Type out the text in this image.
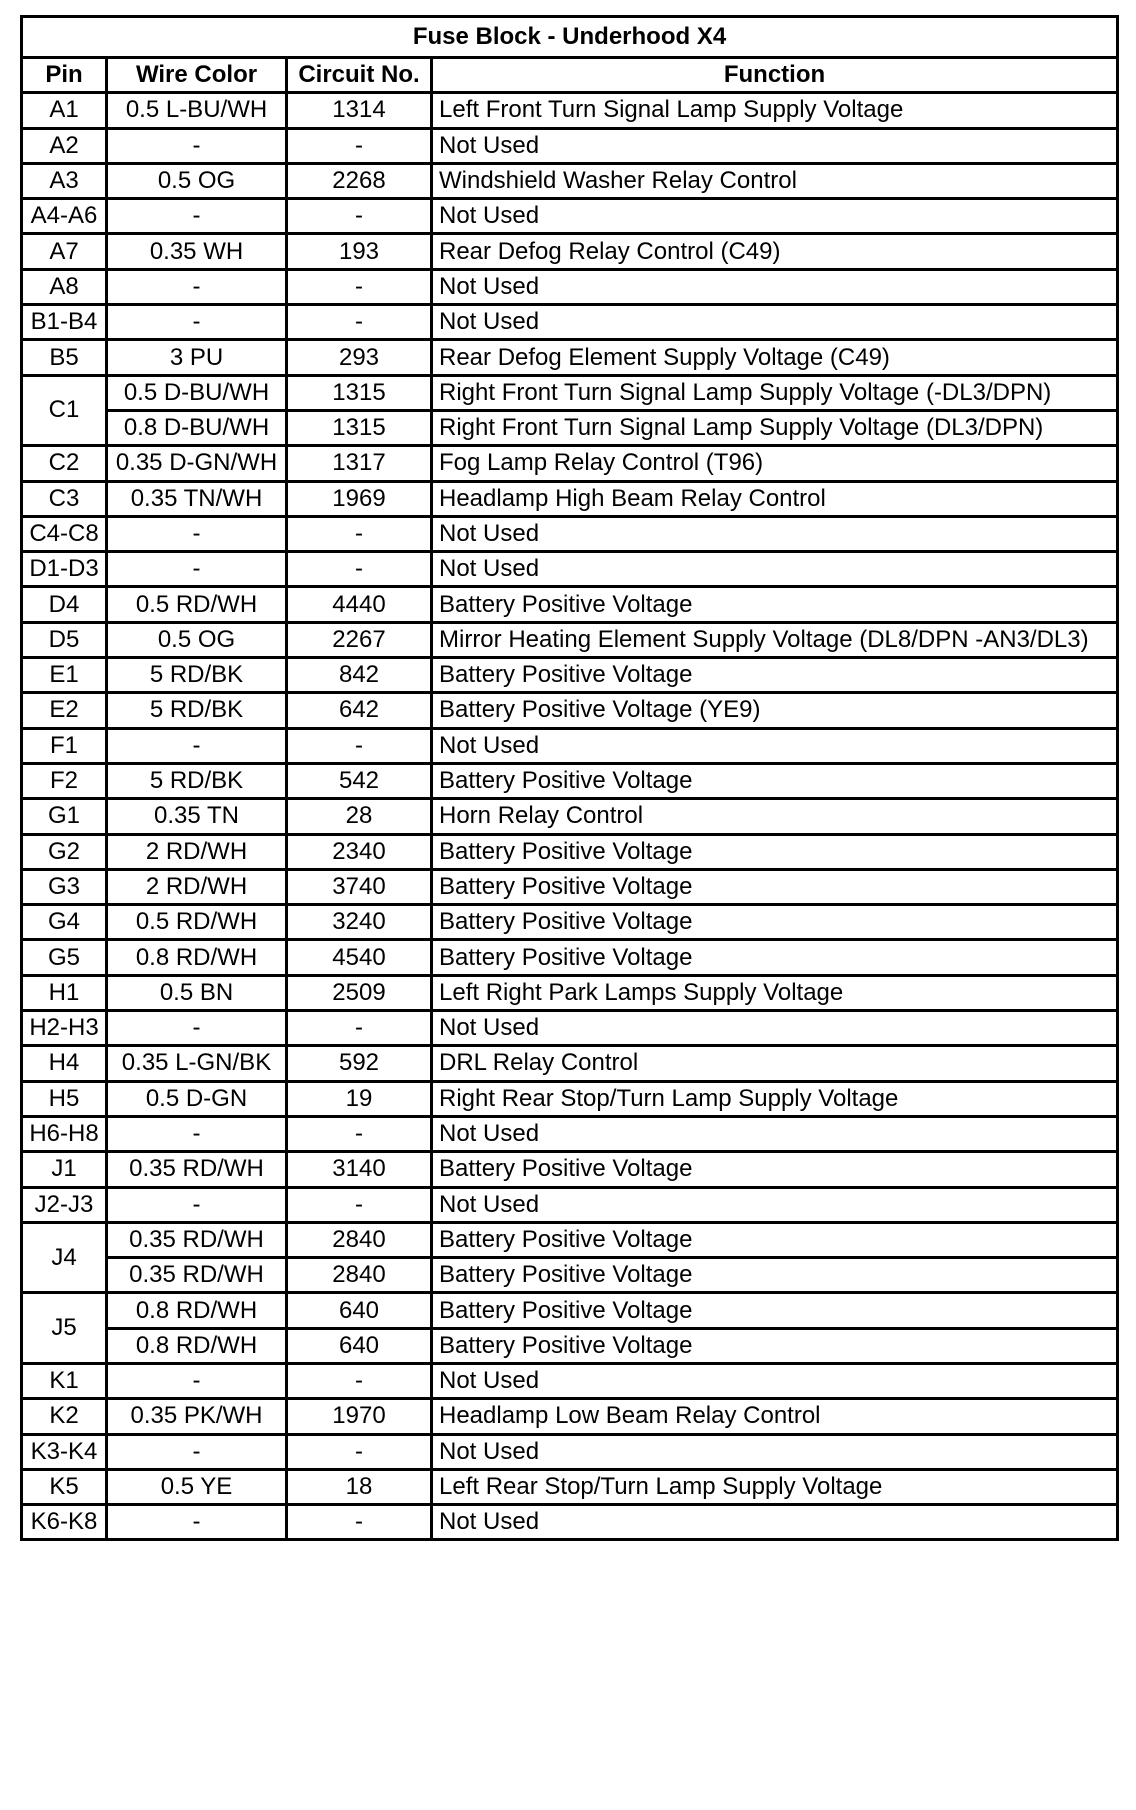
Fuse Block - Underhood X4			
Pin	Wire Color	Circuit No.	Function
A1	0.5 L-BU/WH	1314	Left Front Turn Signal Lamp Supply Voltage
A2	-	-	Not Used
A3	0.5 OG	2268	Windshield Washer Relay Control
A4-A6	-	-	Not Used
A7	0.35 WH	193	Rear Defog Relay Control (C49)
A8	-	-	Not Used
B1-B4	-	-	Not Used
B5	3 PU	293	Rear Defog Element Supply Voltage (C49)
C1	0.5 D-BU/WH	1315	Right Front Turn Signal Lamp Supply Voltage (-DL3/DPN)
	0.8 D-BU/WH	1315	Right Front Turn Signal Lamp Supply Voltage (DL3/DPN)
C2	0.35 D-GN/WH	1317	Fog Lamp Relay Control (T96)
C3	0.35 TN/WH	1969	Headlamp High Beam Relay Control
C4-C8	-	-	Not Used
D1-D3	-	-	Not Used
D4	0.5 RD/WH	4440	Battery Positive Voltage
D5	0.5 OG	2267	Mirror Heating Element Supply Voltage (DL8/DPN -AN3/DL3)
E1	5 RD/BK	842	Battery Positive Voltage
E2	5 RD/BK	642	Battery Positive Voltage (YE9)
F1	-	-	Not Used
F2	5 RD/BK	542	Battery Positive Voltage
G1	0.35 TN	28	Horn Relay Control
G2	2 RD/WH	2340	Battery Positive Voltage
G3	2 RD/WH	3740	Battery Positive Voltage
G4	0.5 RD/WH	3240	Battery Positive Voltage
G5	0.8 RD/WH	4540	Battery Positive Voltage
H1	0.5 BN	2509	Left Right Park Lamps Supply Voltage
H2-H3	-	-	Not Used
H4	0.35 L-GN/BK	592	DRL Relay Control
H5	0.5 D-GN	19	Right Rear Stop/Turn Lamp Supply Voltage
H6-H8	-	-	Not Used
J1	0.35 RD/WH	3140	Battery Positive Voltage
J2-J3	-	-	Not Used
J4	0.35 RD/WH	2840	Battery Positive Voltage
	0.35 RD/WH	2840	Battery Positive Voltage
J5	0.8 RD/WH	640	Battery Positive Voltage
	0.8 RD/WH	640	Battery Positive Voltage
K1	-	-	Not Used
K2	0.35 PK/WH	1970	Headlamp Low Beam Relay Control
K3-K4	-	-	Not Used
K5	0.5 YE	18	Left Rear Stop/Turn Lamp Supply Voltage
K6-K8	-	-	Not Used
